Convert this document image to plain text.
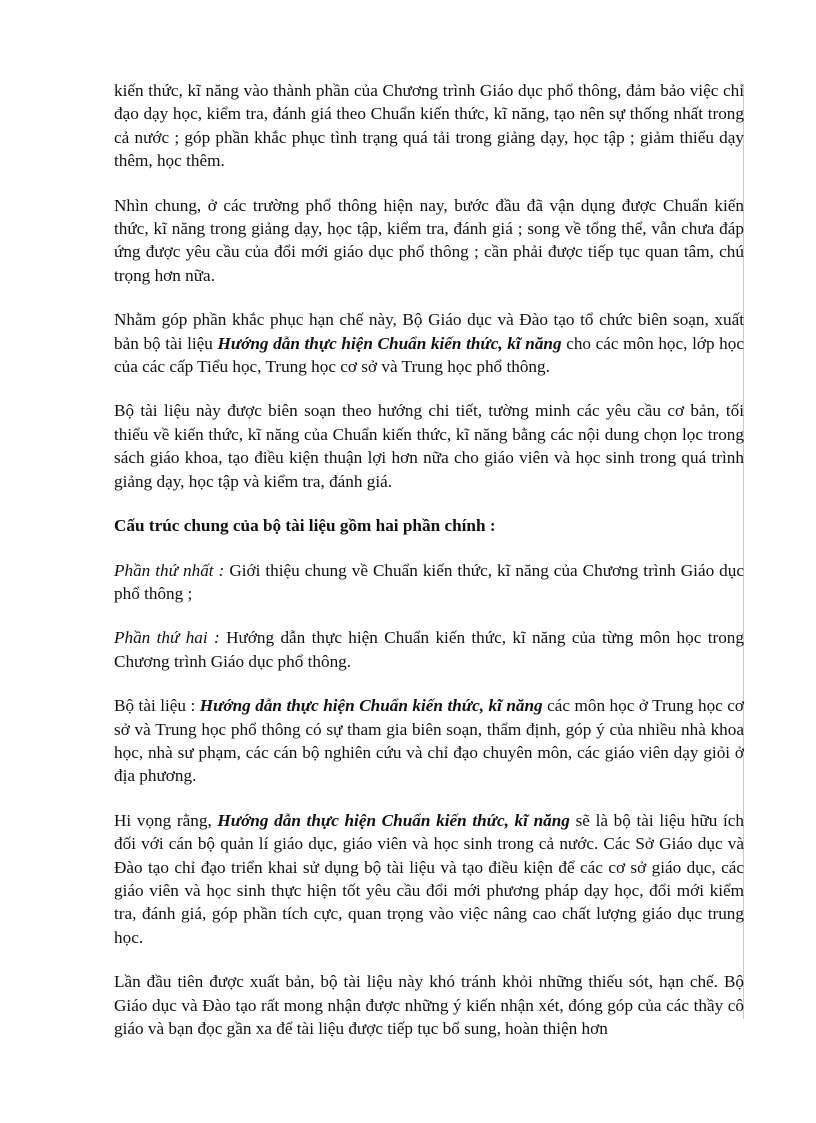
kiến thức, kĩ năng vào thành phần của Chương trình Giáo dục phổ thông, đảm bảo việc chỉ đạo dạy học, kiểm tra, đánh giá theo Chuẩn kiến thức, kĩ năng, tạo nên sự thống nhất trong cả nước ; góp phần khắc phục tình trạng quá tải trong giảng dạy, học tập ; giảm thiểu dạy thêm, học thêm.

Nhìn chung, ở các trường phổ thông hiện nay, bước đầu đã vận dụng được Chuẩn kiến thức, kĩ năng trong giảng dạy, học tập, kiểm tra, đánh giá ; song về tổng thể, vẫn chưa đáp ứng được yêu cầu của đổi mới giáo dục phổ thông ; cần phải được tiếp tục quan tâm, chú trọng hơn nữa.

Nhằm góp phần khắc phục hạn chế này, Bộ Giáo dục và Đào tạo tổ chức biên soạn, xuất bản bộ tài liệu Hướng dẫn thực hiện Chuẩn kiến thức, kĩ năng cho các môn học, lớp học của các cấp Tiểu học, Trung học cơ sở và Trung học phổ thông.

Bộ tài liệu này được biên soạn theo hướng chi tiết, tường minh các yêu cầu cơ bản, tối thiểu về kiến thức, kĩ năng của Chuẩn kiến thức, kĩ năng bằng các nội dung chọn lọc trong sách giáo khoa, tạo điều kiện thuận lợi hơn nữa cho giáo viên và học sinh trong quá trình giảng dạy, học tập và kiểm tra, đánh giá.

Cấu trúc chung của bộ tài liệu gồm hai phần chính :

Phần thứ nhất : Giới thiệu chung về Chuẩn kiến thức, kĩ năng của Chương trình Giáo dục phổ thông ;

Phần thứ hai : Hướng dẫn thực hiện Chuẩn kiến thức, kĩ năng của từng môn học trong Chương trình Giáo dục phổ thông.

Bộ tài liệu : Hướng dẫn thực hiện Chuẩn kiến thức, kĩ năng các môn học ở Trung học cơ sở và Trung học phổ thông có sự tham gia biên soạn, thẩm định, góp ý của nhiều nhà khoa học, nhà sư phạm, các cán bộ nghiên cứu và chỉ đạo chuyên môn, các giáo viên dạy giỏi ở địa phương.

Hi vọng rằng, Hướng dẫn thực hiện Chuẩn kiến thức, kĩ năng sẽ là bộ tài liệu hữu ích đối với cán bộ quản lí giáo dục, giáo viên và học sinh trong cả nước. Các Sở Giáo dục và Đào tạo chỉ đạo triển khai sử dụng bộ tài liệu và tạo điều kiện để các cơ sở giáo dục, các giáo viên và học sinh thực hiện tốt yêu cầu đổi mới phương pháp dạy học, đổi mới kiểm tra, đánh giá, góp phần tích cực, quan trọng vào việc nâng cao chất lượng giáo dục trung học.

Lần đầu tiên được xuất bản, bộ tài liệu này khó tránh khỏi những thiếu sót, hạn chế. Bộ Giáo dục và Đào tạo rất mong nhận được những ý kiến nhận xét, đóng góp của các thầy cô giáo và bạn đọc gần xa để tài liệu được tiếp tục bổ sung, hoàn thiện hơn
